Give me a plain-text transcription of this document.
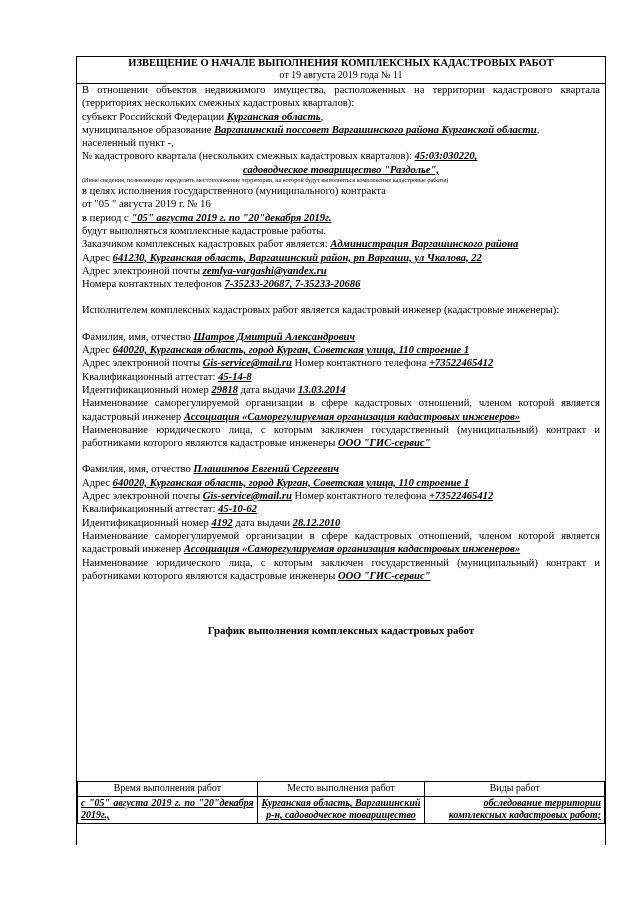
ИЗВЕЩЕНИЕ О НАЧАЛЕ ВЫПОЛНЕНИЯ КОМПЛЕКСНЫХ КАДАСТРОВЫХ РАБОТ
от 19 августа 2019 года № 11

В отношении объектов недвижимого имущества, расположенных на территории кадастрового квартала (территориях нескольких смежных кадастровых кварталов):

субъект Российской Федерации Курганская область,

муниципальное образование Варгашинский поссовет Варгашинского района Курганской области,

населенный пункт -,

№ кадастрового квартала (нескольких смежных кадастровых кварталов): 45:03:030220,

садоводческое товарищество "Раздолье",

(Иные сведения, позволяющие определить местоположение территории, на которой будут выполняться комплексные кадастровые работы)

в целях исполнения государственного (муниципального) контракта

от "05 " августа 2019 г. № 16

в период с "05" августа 2019 г. по "20"декабря 2019г.

будут выполняться комплексные кадастровые работы.

Заказчиком комплексных кадастровых работ является: Администрация Варгашинского района

Адрес 641230, Курганская область, Варгашинский район, рп Варгаши, ул Чкалова, 22

Адрес электронной почты zemlya-vargashi@yandex.ru

Номера контактных телефонов 7-35233-20687, 7-35233-20686

Исполнителем комплексных кадастровых работ является кадастровый инженер (кадастровые инженеры):

Фамилия, имя, отчество Шатров Дмитрий Александрович

Адрес 640020, Курганская область, город Курган, Советская улица, 110 строение 1

Адрес электронной почты Gis-service@mail.ru Номер контактного телефона +73522465412

Квалификационный аттестат: 45-14-8

Идентификационный номер 29818 дата выдачи 13.03.2014

Наименование саморегулируемой организации в сфере кадастровых отношений, членом которой является кадастровый инженер Ассоциация «Саморегулируемая организация кадастровых инженеров»

Наименование юридического лица, с которым заключен государственный (муниципальный) контракт и работниками которого являются кадастровые инженеры ООО "ГИС-сервис"

Фамилия, имя, отчество Плашинпов Евгений Сергеевич

Адрес 640020, Курганская область, город Курган, Советская улица, 110 строение 1

Адрес электронной почты Gis-service@mail.ru Номер контактного телефона +73522465412

Квалификационный аттестат: 45-10-62

Идентификационный номер 4192 дата выдачи 28.12.2010

Наименование саморегулируемой организации в сфере кадастровых отношений, членом которой является кадастровый инженер Ассоциация «Саморегулируемая организация кадастровых инженеров»

Наименование юридического лица, с которым заключен государственный (муниципальный) контракт и работниками которого являются кадастровые инженеры ООО "ГИС-сервис"

График выполнения комплексных кадастровых работ
Время выполнения работ	Место выполнения работ	Виды работ
с "05" августа 2019 г. по "20"декабря 2019г.,	Курганская область, Варгашинский р-н, садоводческое товарищество	обследование территории комплексных кадастровых работ;
